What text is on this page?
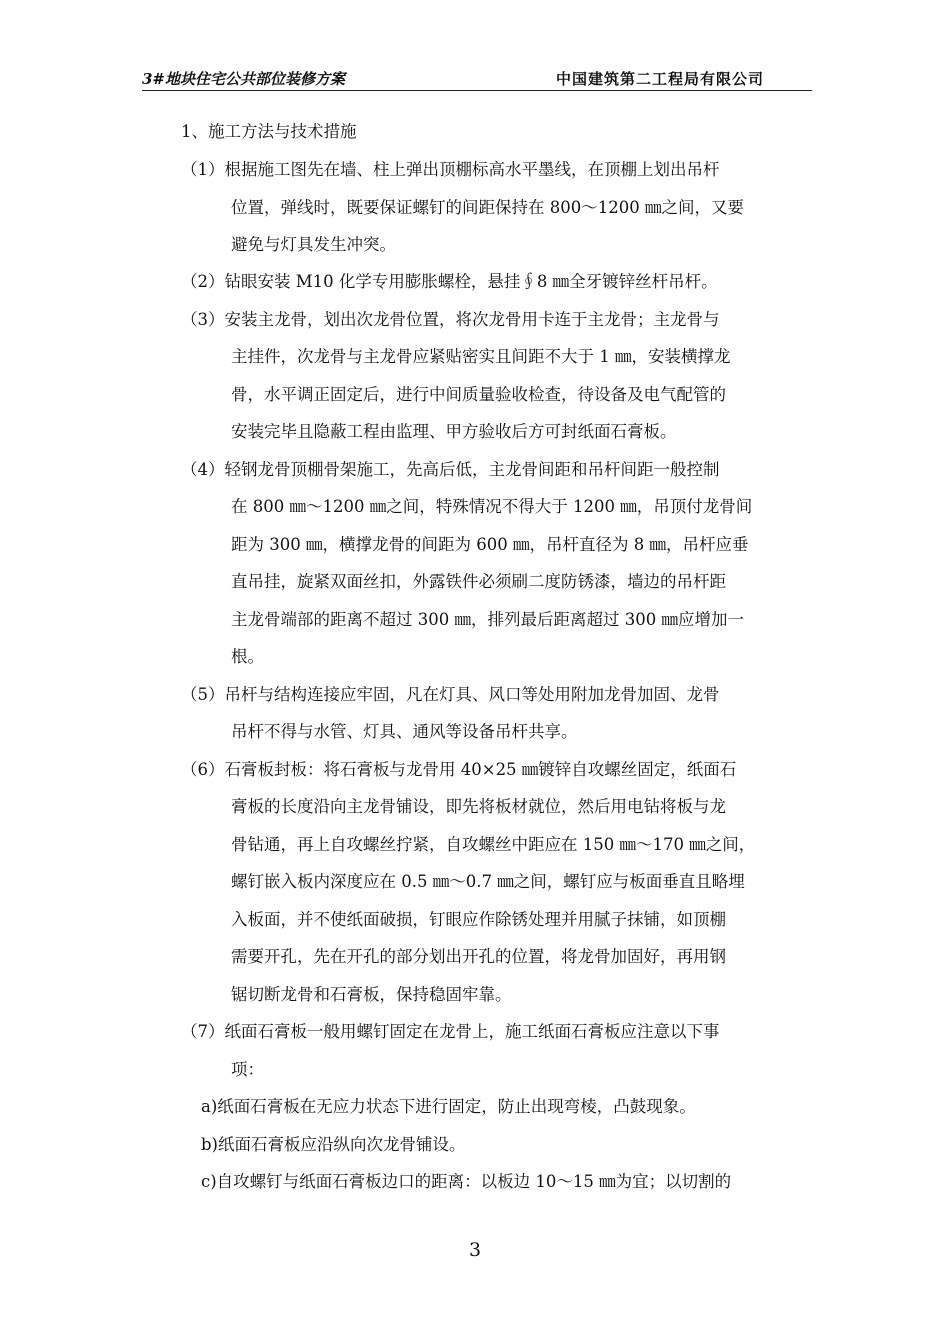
3#地块住宅公共部位装修方案	中国建筑第二工程局有限公司
1、施工方法与技术措施
（1）根据施工图先在墙、柱上弹出顶棚标高水平墨线，在顶棚上划出吊杆
位置，弹线时，既要保证螺钉的间距保持在 800～1200 ㎜之间，又要
避免与灯具发生冲突。
（2）钻眼安装 M10 化学专用膨胀螺栓，悬挂∮8 ㎜全牙镀锌丝杆吊杆。
（3）安装主龙骨，划出次龙骨位置，将次龙骨用卡连于主龙骨；主龙骨与
主挂件，次龙骨与主龙骨应紧贴密实且间距不大于 1 ㎜，安装横撑龙
骨，水平调正固定后，进行中间质量验收检查，待设备及电气配管的
安装完毕且隐蔽工程由监理、甲方验收后方可封纸面石膏板。
（4）轻钢龙骨顶棚骨架施工，先高后低，主龙骨间距和吊杆间距一般控制
在 800 ㎜～1200 ㎜之间，特殊情况不得大于 1200 ㎜，吊顶付龙骨间
距为 300 ㎜，横撑龙骨的间距为 600 ㎜，吊杆直径为 8 ㎜，吊杆应垂
直吊挂，旋紧双面丝扣，外露铁件必须刷二度防锈漆，墙边的吊杆距
主龙骨端部的距离不超过 300 ㎜，排列最后距离超过 300 ㎜应增加一
根。
（5）吊杆与结构连接应牢固，凡在灯具、风口等处用附加龙骨加固、龙骨
吊杆不得与水管、灯具、通风等设备吊杆共享。
（6）石膏板封板：将石膏板与龙骨用 40×25 ㎜镀锌自攻螺丝固定，纸面石
膏板的长度沿向主龙骨铺设，即先将板材就位，然后用电钻将板与龙
骨钻通，再上自攻螺丝拧紧，自攻螺丝中距应在 150 ㎜～170 ㎜之间，
螺钉嵌入板内深度应在 0.5 ㎜～0.7 ㎜之间，螺钉应与板面垂直且略埋
入板面，并不使纸面破损，钉眼应作除锈处理并用腻子抹铺，如顶棚
需要开孔，先在开孔的部分划出开孔的位置，将龙骨加固好，再用钢
锯切断龙骨和石膏板，保持稳固牢靠。
（7）纸面石膏板一般用螺钉固定在龙骨上，施工纸面石膏板应注意以下事
项：
a)纸面石膏板在无应力状态下进行固定，防止出现弯棱，凸鼓现象。
b)纸面石膏板应沿纵向次龙骨铺设。
c)自攻螺钉与纸面石膏板边口的距离：以板边 10～15 ㎜为宜；以切割的
3
